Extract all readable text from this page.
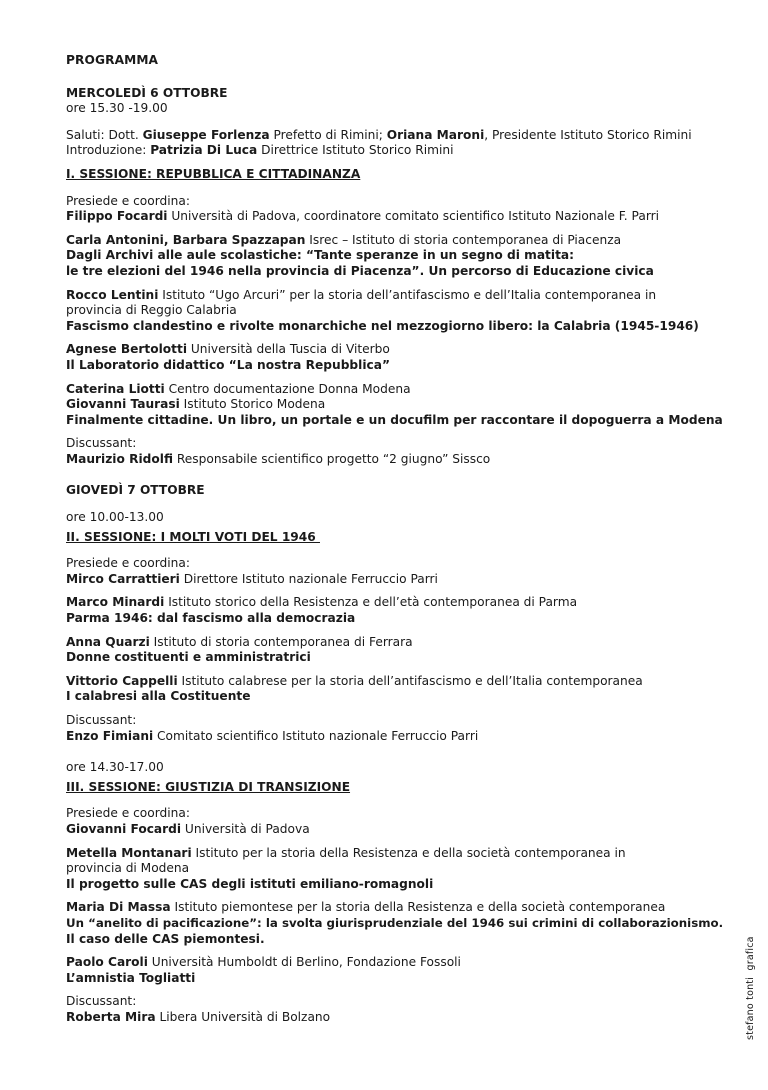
PROGRAMMA
MERCOLEDÌ 6 OTTOBRE
ore 15.30 -19.00
Saluti: Dott. Giuseppe Forlenza Prefetto di Rimini; Oriana Maroni, Presidente Istituto Storico Rimini
Introduzione: Patrizia Di Luca Direttrice Istituto Storico Rimini
I. SESSIONE: REPUBBLICA E CITTADINANZA
Presiede e coordina:
Filippo Focardi Università di Padova, coordinatore comitato scientifico Istituto Nazionale F. Parri
Carla Antonini, Barbara Spazzapan Isrec – Istituto di storia contemporanea di Piacenza
Dagli Archivi alle aule scolastiche: “Tante speranze in un segno di matita:
le tre elezioni del 1946 nella provincia di Piacenza”. Un percorso di Educazione civica
Rocco Lentini Istituto “Ugo Arcuri” per la storia dell’antifascismo e dell’Italia contemporanea in provincia di Reggio Calabria
Fascismo clandestino e rivolte monarchiche nel mezzogiorno libero: la Calabria (1945-1946)
Agnese Bertolotti Università della Tuscia di Viterbo
Il Laboratorio didattico “La nostra Repubblica”
Caterina Liotti Centro documentazione Donna Modena
Giovanni Taurasi Istituto Storico Modena
Finalmente cittadine. Un libro, un portale e un docufilm per raccontare il dopoguerra a Modena
Discussant:
Maurizio Ridolfi Responsabile scientifico progetto “2 giugno” Sissco
GIOVEDÌ 7 OTTOBRE
ore 10.00-13.00
II. SESSIONE: I MOLTI VOTI DEL 1946
Presiede e coordina:
Mirco Carrattieri Direttore Istituto nazionale Ferruccio Parri
Marco Minardi Istituto storico della Resistenza e dell’età contemporanea di Parma
Parma 1946: dal fascismo alla democrazia
Anna Quarzi Istituto di storia contemporanea di Ferrara
Donne costituenti e amministratrici
Vittorio Cappelli Istituto calabrese per la storia dell’antifascismo e dell’Italia contemporanea
I calabresi alla Costituente
Discussant:
Enzo Fimiani Comitato scientifico Istituto nazionale Ferruccio Parri
ore 14.30-17.00
III. SESSIONE: GIUSTIZIA DI TRANSIZIONE
Presiede e coordina:
Giovanni Focardi Università di Padova
Metella Montanari Istituto per la storia della Resistenza e della società contemporanea in provincia di Modena
Il progetto sulle CAS degli istituti emiliano-romagnoli
Maria Di Massa Istituto piemontese per la storia della Resistenza e della società contemporanea
Un “anelito di pacificazione”: la svolta giurisprudenziale del 1946 sui crimini di collaborazionismo.
Il caso delle CAS piemontesi.
Paolo Caroli Università Humboldt di Berlino, Fondazione Fossoli
L’amnistia Togliatti
Discussant:
Roberta Mira Libera Università di Bolzano	stefano tonti  grafica
